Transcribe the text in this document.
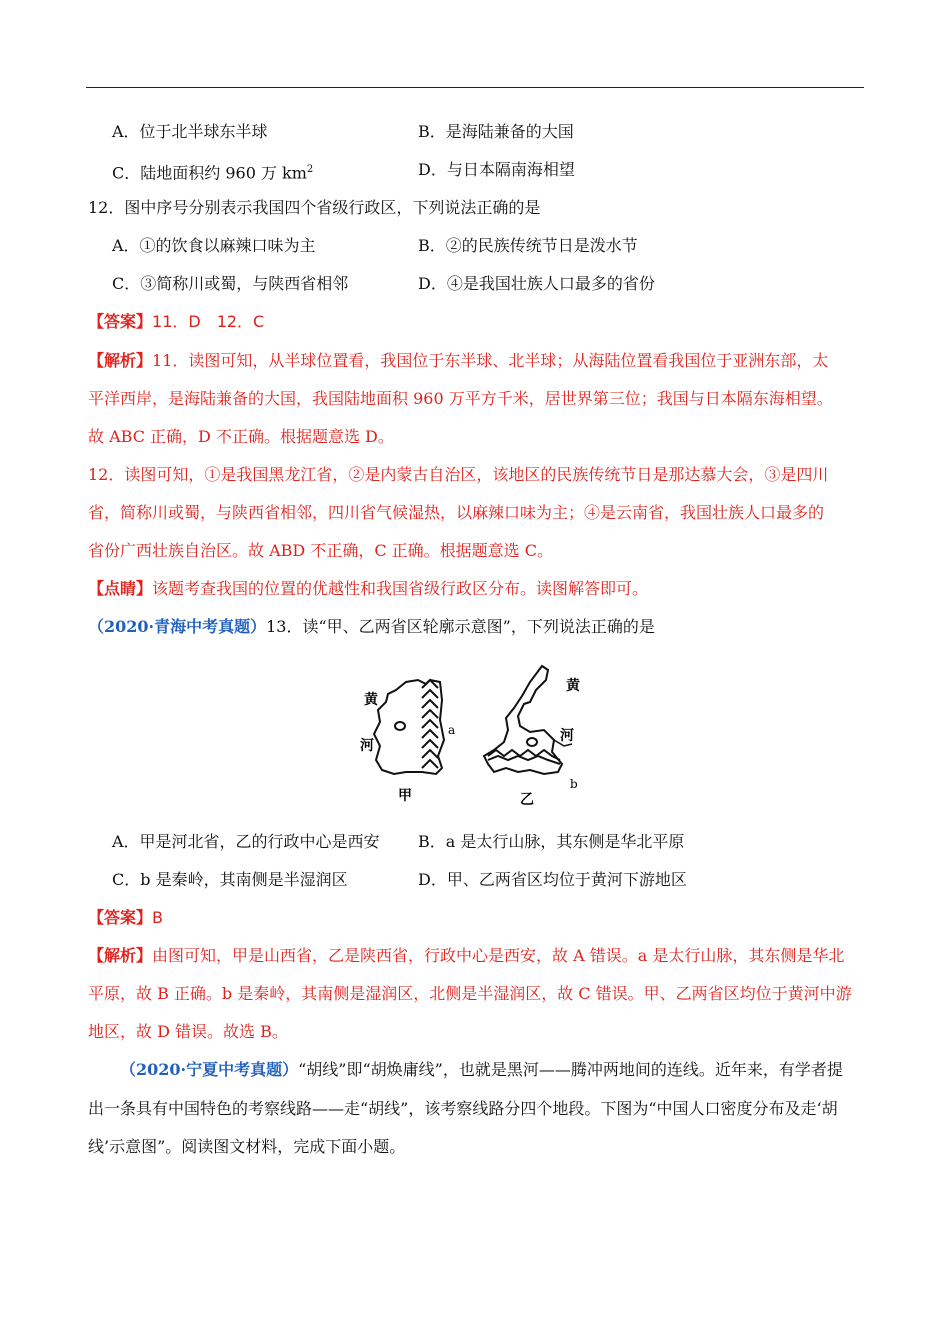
A．位于北半球东半球	B．是海陆兼备的大国
C．陆地面积约 960 万 $km^2$	D．与日本隔南海相望
12．图中序号分别表示我国四个省级行政区，下列说法正确的是
A．①的饮食以麻辣口味为主	B．②的民族传统节日是泼水节
C．③简称川或蜀，与陕西省相邻	D．④是我国壮族人口最多的省份
【答案】11．D　12．C
【解析】11．读图可知，从半球位置看，我国位于东半球、北半球；从海陆位置看我国位于亚洲东部，太
平洋西岸，是海陆兼备的大国，我国陆地面积 960 万平方千米，居世界第三位；我国与日本隔东海相望。
故 ABC 正确，D 不正确。根据题意选 D。
12．读图可知，①是我国黑龙江省，②是内蒙古自治区，该地区的民族传统节日是那达慕大会，③是四川
省，简称川或蜀，与陕西省相邻，四川省气候湿热，以麻辣口味为主；④是云南省，我国壮族人口最多的
省份广西壮族自治区。故 ABD 不正确，C 正确。根据题意选 C。
【点睛】该题考查我国的位置的优越性和我国省级行政区分布。读图解答即可。
（2020·青海中考真题）13．读“甲、乙两省区轮廓示意图”，下列说法正确的是
黄
河
a
甲
黄
河
b
乙
A．甲是河北省，乙的行政中心是西安 B．a 是太行山脉，其东侧是华北平原
C．b 是秦岭，其南侧是半湿润区	D．甲、乙两省区均位于黄河下游地区
【答案】B
【解析】由图可知，甲是山西省，乙是陕西省，行政中心是西安，故 A 错误。a 是太行山脉，其东侧是华北
平原，故 B 正确。b 是秦岭，其南侧是湿润区，北侧是半湿润区，故 C 错误。甲、乙两省区均位于黄河中游
地区，故 D 错误。故选 B。
（2020·宁夏中考真题）“胡线”即“胡焕庸线”，也就是黑河——腾冲两地间的连线。近年来，有学者提
出一条具有中国特色的考察线路——走“胡线”，该考察线路分四个地段。下图为“中国人口密度分布及走‘胡
线’示意图”。阅读图文材料，完成下面小题。
